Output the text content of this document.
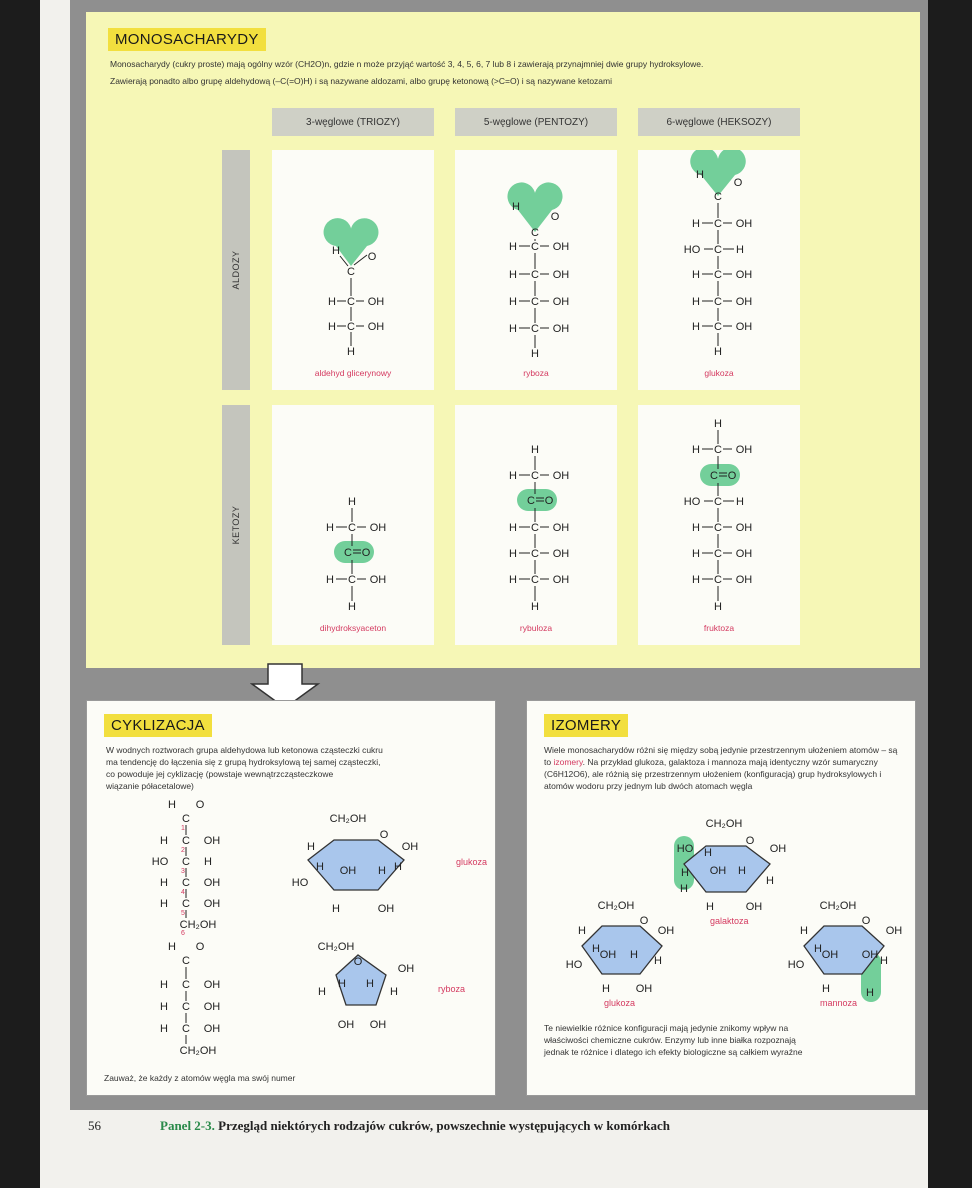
MONOSACHARYDY
Monosacharydy (cukry proste) mają ogólny wzór (CH2O)n, gdzie n może przyjąć wartość 3, 4, 5, 6, 7 lub 8 i zawierają przynajmniej dwie grupy hydroksylowe.
Zawierają ponadto albo grupę aldehydową (–C(=O)H) i są nazywane aldozami, albo grupę ketonową (>C=O) i są nazywane ketozami
3-węglowe (TRIOZY)	5-węglowe (PENTOZY)	6-węglowe (HEKSOZY)
ALDOZY
KETOZY
H	O
C
H C OH
H C OH
H
aldehyd glicerynowy
H
O
C
H C OH
H C OH
H C OH
H C OH
H
ryboza
H
O
C
H C OH
HO C H
H C OH
H C OH
H C OH
H
glukoza
H
H C OH
C O
H C OH
H
dihydroksyaceton
H
H C OH
C O
H C OH
H C OH
H C OH
H
rybuloza
H
H C OH
C O
HO C H
H C OH
H C OH
H C OH
H
fruktoza
CYKLIZACJA
W wodnych roztworach grupa aldehydowa lub ketonowa cząsteczki cukru
ma tendencję do łączenia się z grupą hydroksylową tej samej cząsteczki,
co powoduje jej cyklizację (powstaje wewnątrzcząsteczkowe
wiązanie półacetalowe)
H O
C
H C OH
HO C H
H C OH
H C OH
CH₂OH
H O
C
H C OH
H C OH
H C OH
CH₂OH
1
2
3
4
5
6
CH₂OH
O
H	OH
OH H
H	H
HO
H	OH
glukoza
CH₂OH
O
OH
H
H H
H
OH OH
ryboza
Zauważ, że każdy z atomów węgla ma swój numer
IZOMERY
Wiele monosacharydów różni się między sobą jedynie przestrzennym ułożeniem atomów – są to izomery. Na przykład glukoza, galaktoza i mannoza mają identyczny wzór sumaryczny (C6H12O6), ale różnią się przestrzennym ułożeniem (konfiguracją) grup hydroksylowych i atomów wodoru przy jednym lub dwóch atomach węgla
CH₂OH
O
HO H	OH
H OH H
H
H
H	OH
galaktoza
CH₂OH
O
H	OH
OH H
H
H
HO
H OH
glukoza
CH₂OH
O
H	OH
OH OH
H
H
HO
H	H
mannoza
Te niewielkie różnice konfiguracji mają jedynie znikomy wpływ na
właściwości chemiczne cukrów. Enzymy lub inne białka rozpoznają
jednak te różnice i dlatego ich efekty biologiczne są całkiem wyraźne
56	Panel 2-3. Przegląd niektórych rodzajów cukrów, powszechnie występujących w komórkach
